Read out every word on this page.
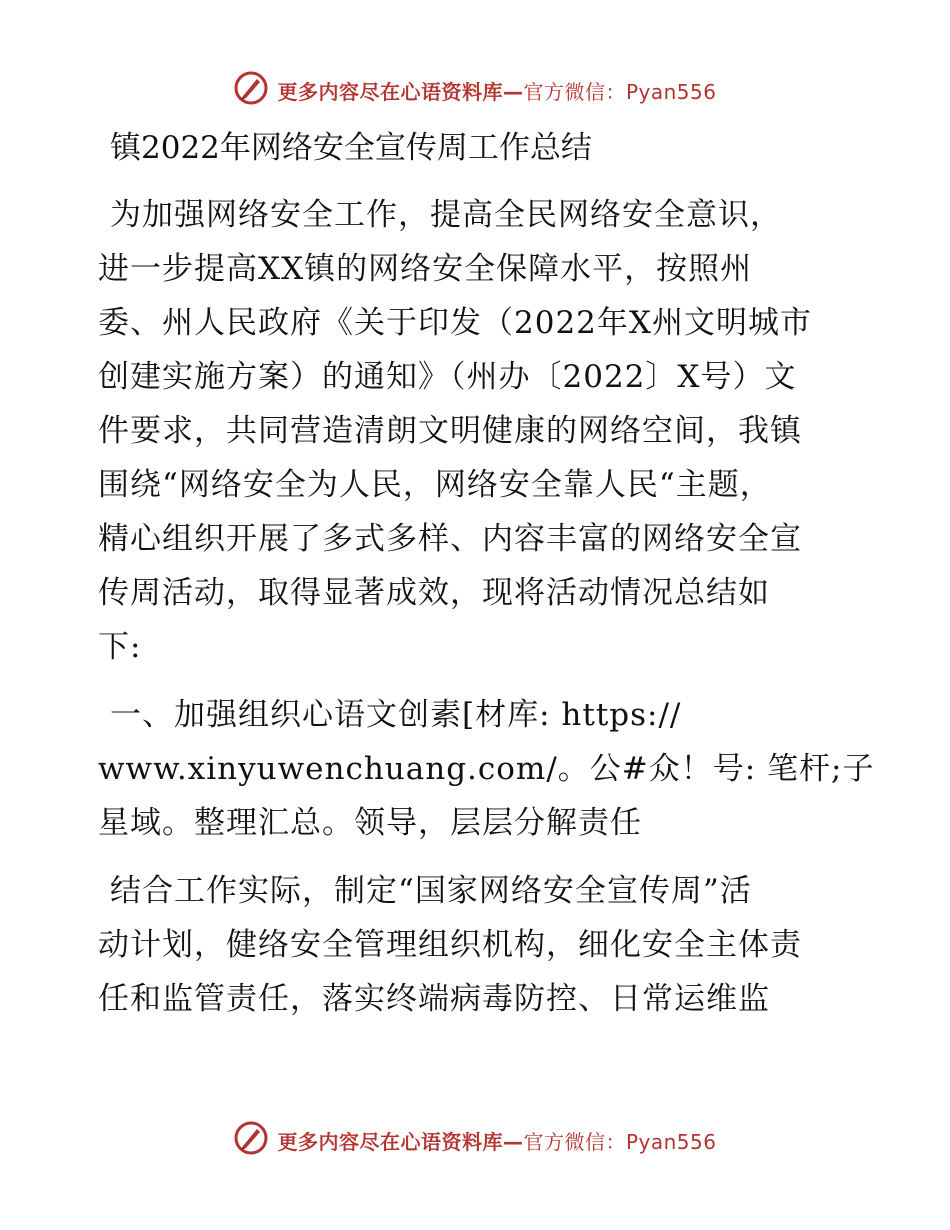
更多内容尽在心语资料库—官方微信：Pyan556
镇2022年网络安全宣传周工作总结

为加强网络安全工作，提高全民网络安全意识，
进一步提高XX镇的网络安全保障水平，按照州
委、州人民政府《关于印发（2022年X州文明城市
创建实施方案）的通知》（州办〔2022〕X号）文
件要求，共同营造清朗文明健康的网络空间，我镇
围绕“网络安全为人民，网络安全靠人民“主题，
精心组织开展了多式多样、内容丰富的网络安全宣
传周活动，取得显著成效，现将活动情况总结如
下:

一、加强组织心语文创素[材库: https://
www.xinyuwenchuang.com/。公#众！号: 笔杆;子
星域。整理汇总。领导，层层分解责任

结合工作实际，制定“国家网络安全宣传周”活
动计划，健络安全管理组织机构，细化安全主体责
任和监管责任，落实终端病毒防控、日常运维监

更多内容尽在心语资料库—官方微信：Pyan556
